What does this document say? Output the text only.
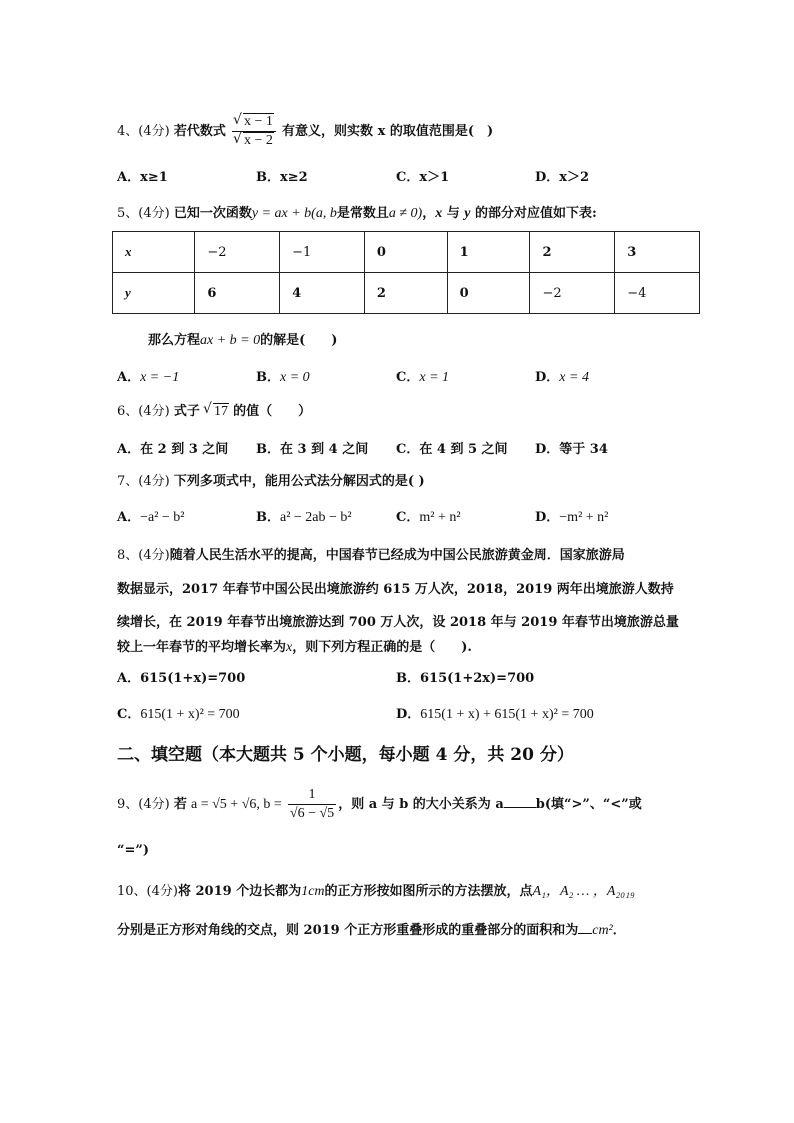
4、(4分) 若代数式 √ x − 1
√ x − 2 有意义，则实数 x 的取值范围是(　)
A．x≥1	B．x≥2	C．x＞1	D．x＞2
5、(4分) 已知一次函数y = ax + b(a, b是常数且a ≠ 0)，x 与 y 的部分对应值如下表:
x	−2	−1	0	1	2	3
y	6	4	2	0	−2	−4
那么方程ax + b = 0的解是(　　)
A．x = −1	B．x = 0	C．x = 1	D．x = 4
6、(4分) 式子 √ 17 的值（　　）
A．在 2 到 3 之间 B．在 3 到 4 之间 C．在 4 到 5 之间 D．等于 34
7、(4分) 下列多项式中，能用公式法分解因式的是( )
A．−a² − b²	B．a² − 2ab − b²	C．m² + n²	D．−m² + n²
8、(4分)随着人民生活水平的提高，中国春节已经成为中国公民旅游黄金周．国家旅游局
数据显示，2017 年春节中国公民出境旅游约 615 万人次，2018，2019 两年出境旅游人数持
续增长，在 2019 年春节出境旅游达到 700 万人次，设 2018 年与 2019 年春节出境旅游总量
较上一年春节的平均增长率为x，则下列方程正确的是（　　).
A．615(1+x)=700	B．615(1+2x)=700
C．615(1 + x)² = 700	D．615(1 + x) + 615(1 + x)² = 700
二、填空题（本大题共 5 个小题，每小题 4 分，共 20 分）
9、(4分) 若 a = √5 + √6, $b = \frac{1}{√6 - √5}$ ，则 a 与 b 的大小关系为 a b(填“>”、“<”或
“=”)
10、(4分)将 2019 个边长都为1cm的正方形按如图所示的方法摆放，点A₁，A₂ … ，A₂₀₁₉
分别是正方形对角线的交点，则 2019 个正方形重叠形成的重叠部分的面积和为 cm²．
